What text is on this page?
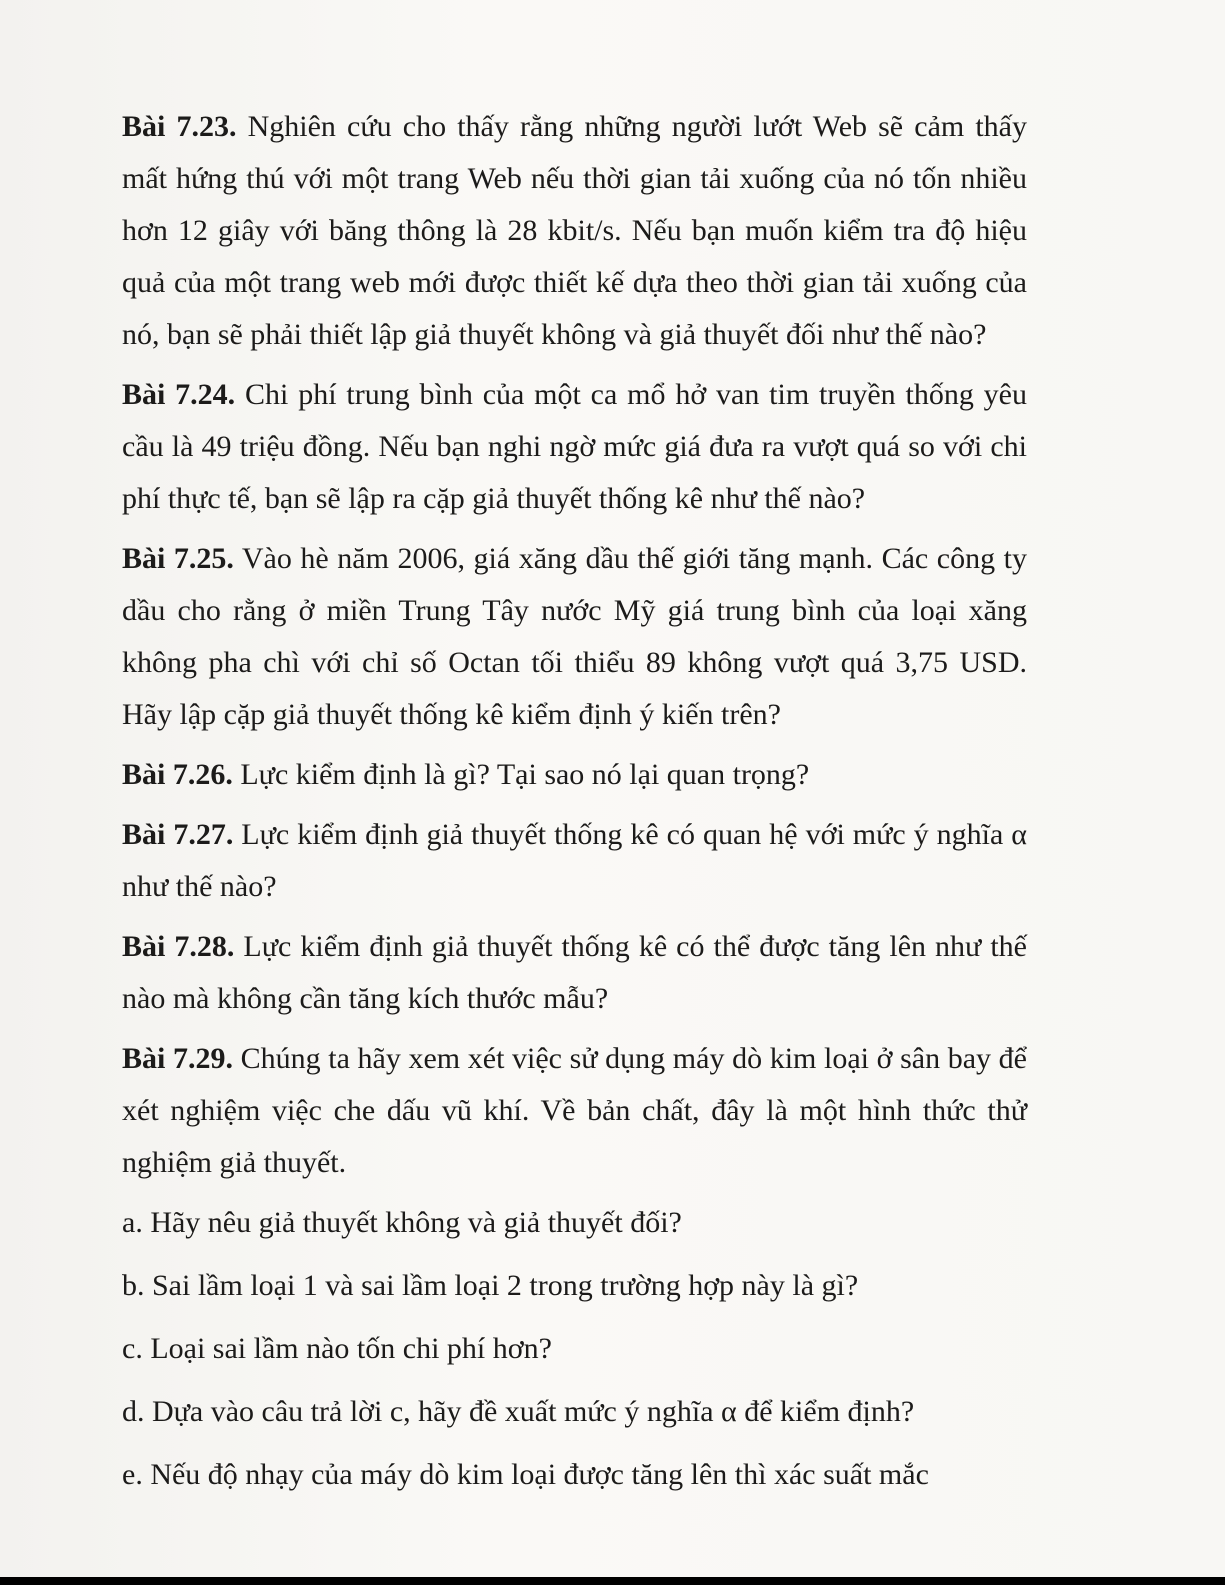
Bài 7.23. Nghiên cứu cho thấy rằng những người lướt Web sẽ cảm thấy mất hứng thú với một trang Web nếu thời gian tải xuống của nó tốn nhiều hơn 12 giây với băng thông là 28 kbit/s. Nếu bạn muốn kiểm tra độ hiệu quả của một trang web mới được thiết kế dựa theo thời gian tải xuống của nó, bạn sẽ phải thiết lập giả thuyết không và giả thuyết đối như thế nào?

Bài 7.24. Chi phí trung bình của một ca mổ hở van tim truyền thống yêu cầu là 49 triệu đồng. Nếu bạn nghi ngờ mức giá đưa ra vượt quá so với chi phí thực tế, bạn sẽ lập ra cặp giả thuyết thống kê như thế nào?

Bài 7.25. Vào hè năm 2006, giá xăng dầu thế giới tăng mạnh. Các công ty dầu cho rằng ở miền Trung Tây nước Mỹ giá trung bình của loại xăng không pha chì với chỉ số Octan tối thiểu 89 không vượt quá 3,75 USD. Hãy lập cặp giả thuyết thống kê kiểm định ý kiến trên?

Bài 7.26. Lực kiểm định là gì? Tại sao nó lại quan trọng?

Bài 7.27. Lực kiểm định giả thuyết thống kê có quan hệ với mức ý nghĩa α như thế nào?

Bài 7.28. Lực kiểm định giả thuyết thống kê có thể được tăng lên như thế nào mà không cần tăng kích thước mẫu?

Bài 7.29. Chúng ta hãy xem xét việc sử dụng máy dò kim loại ở sân bay để xét nghiệm việc che dấu vũ khí. Về bản chất, đây là một hình thức thử nghiệm giả thuyết.

a. Hãy nêu giả thuyết không và giả thuyết đối?
b. Sai lầm loại 1 và sai lầm loại 2 trong trường hợp này là gì?
c. Loại sai lầm nào tốn chi phí hơn?
d. Dựa vào câu trả lời c, hãy đề xuất mức ý nghĩa α để kiểm định?
e. Nếu độ nhạy của máy dò kim loại được tăng lên thì xác suất mắc
